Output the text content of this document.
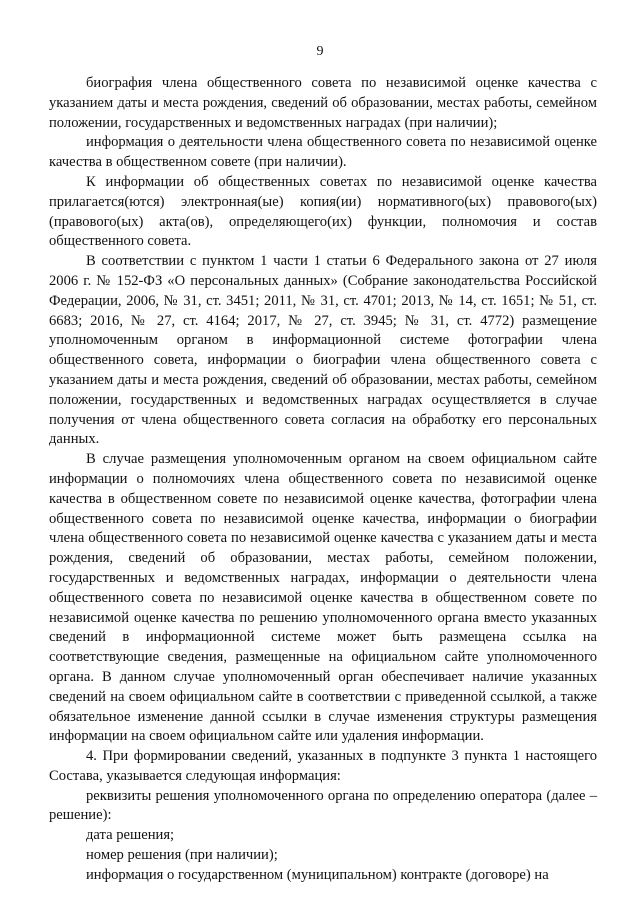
9

биография члена общественного совета по независимой оценке качества с указанием даты и места рождения, сведений об образовании, местах работы, семейном положении, государственных и ведомственных наградах (при наличии);

информация о деятельности члена общественного совета по независимой оценке качества в общественном совете (при наличии).

К информации об общественных советах по независимой оценке качества прилагается(ются) электронная(ые) копия(ии) нормативного(ых) правового(ых) (правового(ых) акта(ов), определяющего(их) функции, полномочия и состав общественного совета.

В соответствии с пунктом 1 части 1 статьи 6 Федерального закона от 27 июля 2006 г. № 152-ФЗ «О персональных данных» (Собрание законодательства Российской Федерации, 2006, № 31, ст. 3451; 2011, № 31, ст. 4701; 2013, № 14, ст. 1651; № 51, ст. 6683; 2016, № 27, ст. 4164; 2017, № 27, ст. 3945; № 31, ст. 4772) размещение уполномоченным органом в информационной системе фотографии члена общественного совета, информации о биографии члена общественного совета с указанием даты и места рождения, сведений об образовании, местах работы, семейном положении, государственных и ведомственных наградах осуществляется в случае получения от члена общественного совета согласия на обработку его персональных данных.

В случае размещения уполномоченным органом на своем официальном сайте информации о полномочиях члена общественного совета по независимой оценке качества в общественном совете по независимой оценке качества, фотографии члена общественного совета по независимой оценке качества, информации о биографии члена общественного совета по независимой оценке качества с указанием даты и места рождения, сведений об образовании, местах работы, семейном положении, государственных и ведомственных наградах, информации о деятельности члена общественного совета по независимой оценке качества в общественном совете по независимой оценке качества по решению уполномоченного органа вместо указанных сведений в информационной системе может быть размещена ссылка на соответствующие сведения, размещенные на официальном сайте уполномоченного органа. В данном случае уполномоченный орган обеспечивает наличие указанных сведений на своем официальном сайте в соответствии с приведенной ссылкой, а также обязательное изменение данной ссылки в случае изменения структуры размещения информации на своем официальном сайте или удаления информации.

4. При формировании сведений, указанных в подпункте 3 пункта 1 настоящего Состава, указывается следующая информация:

реквизиты решения уполномоченного органа по определению оператора (далее – решение):

дата решения;

номер решения (при наличии);

информация о государственном (муниципальном) контракте (договоре) на
